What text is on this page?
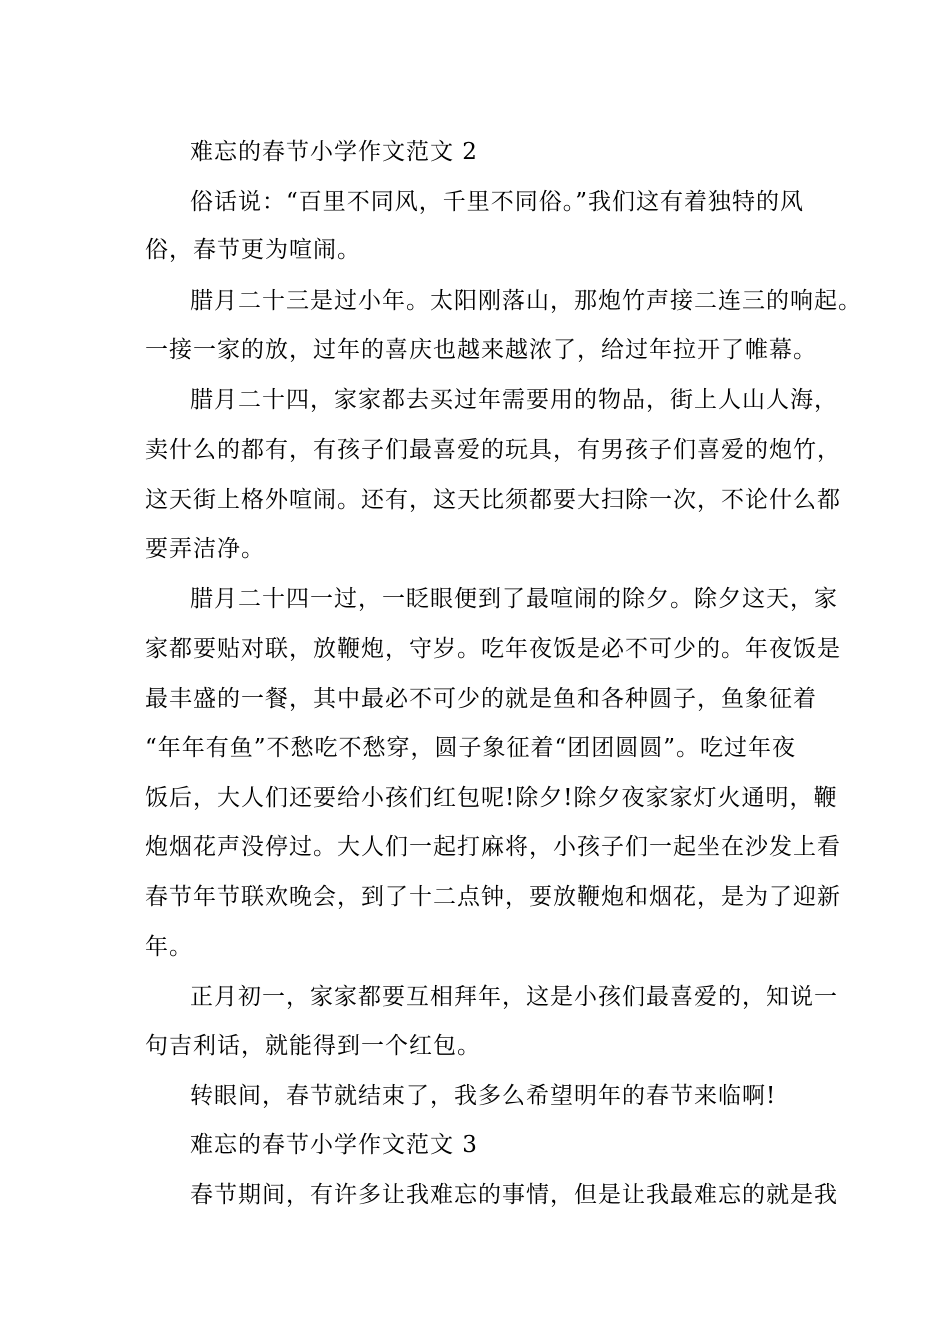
难忘的春节小学作文范文 2
俗话说：“百里不同风，千里不同俗。”我们这有着独特的风
俗，春节更为喧闹。
腊月二十三是过小年。太阳刚落山，那炮竹声接二连三的响起。
一接一家的放，过年的喜庆也越来越浓了，给过年拉开了帷幕。
腊月二十四，家家都去买过年需要用的物品，街上人山人海，
卖什么的都有，有孩子们最喜爱的玩具，有男孩子们喜爱的炮竹，
这天街上格外喧闹。还有，这天比须都要大扫除一次，不论什么都
要弄洁净。
腊月二十四一过，一眨眼便到了最喧闹的除夕。除夕这天，家
家都要贴对联，放鞭炮，守岁。吃年夜饭是必不可少的。年夜饭是
最丰盛的一餐，其中最必不可少的就是鱼和各种圆子，鱼象征着
“年年有鱼”不愁吃不愁穿，圆子象征着“团团圆圆”。吃过年夜
饭后，大人们还要给小孩们红包呢!除夕!除夕夜家家灯火通明，鞭
炮烟花声没停过。大人们一起打麻将，小孩子们一起坐在沙发上看
春节年节联欢晚会，到了十二点钟，要放鞭炮和烟花，是为了迎新
年。
正月初一，家家都要互相拜年，这是小孩们最喜爱的，知说一
句吉利话，就能得到一个红包。
转眼间，春节就结束了，我多么希望明年的春节来临啊!
难忘的春节小学作文范文 3
春节期间，有许多让我难忘的事情，但是让我最难忘的就是我
